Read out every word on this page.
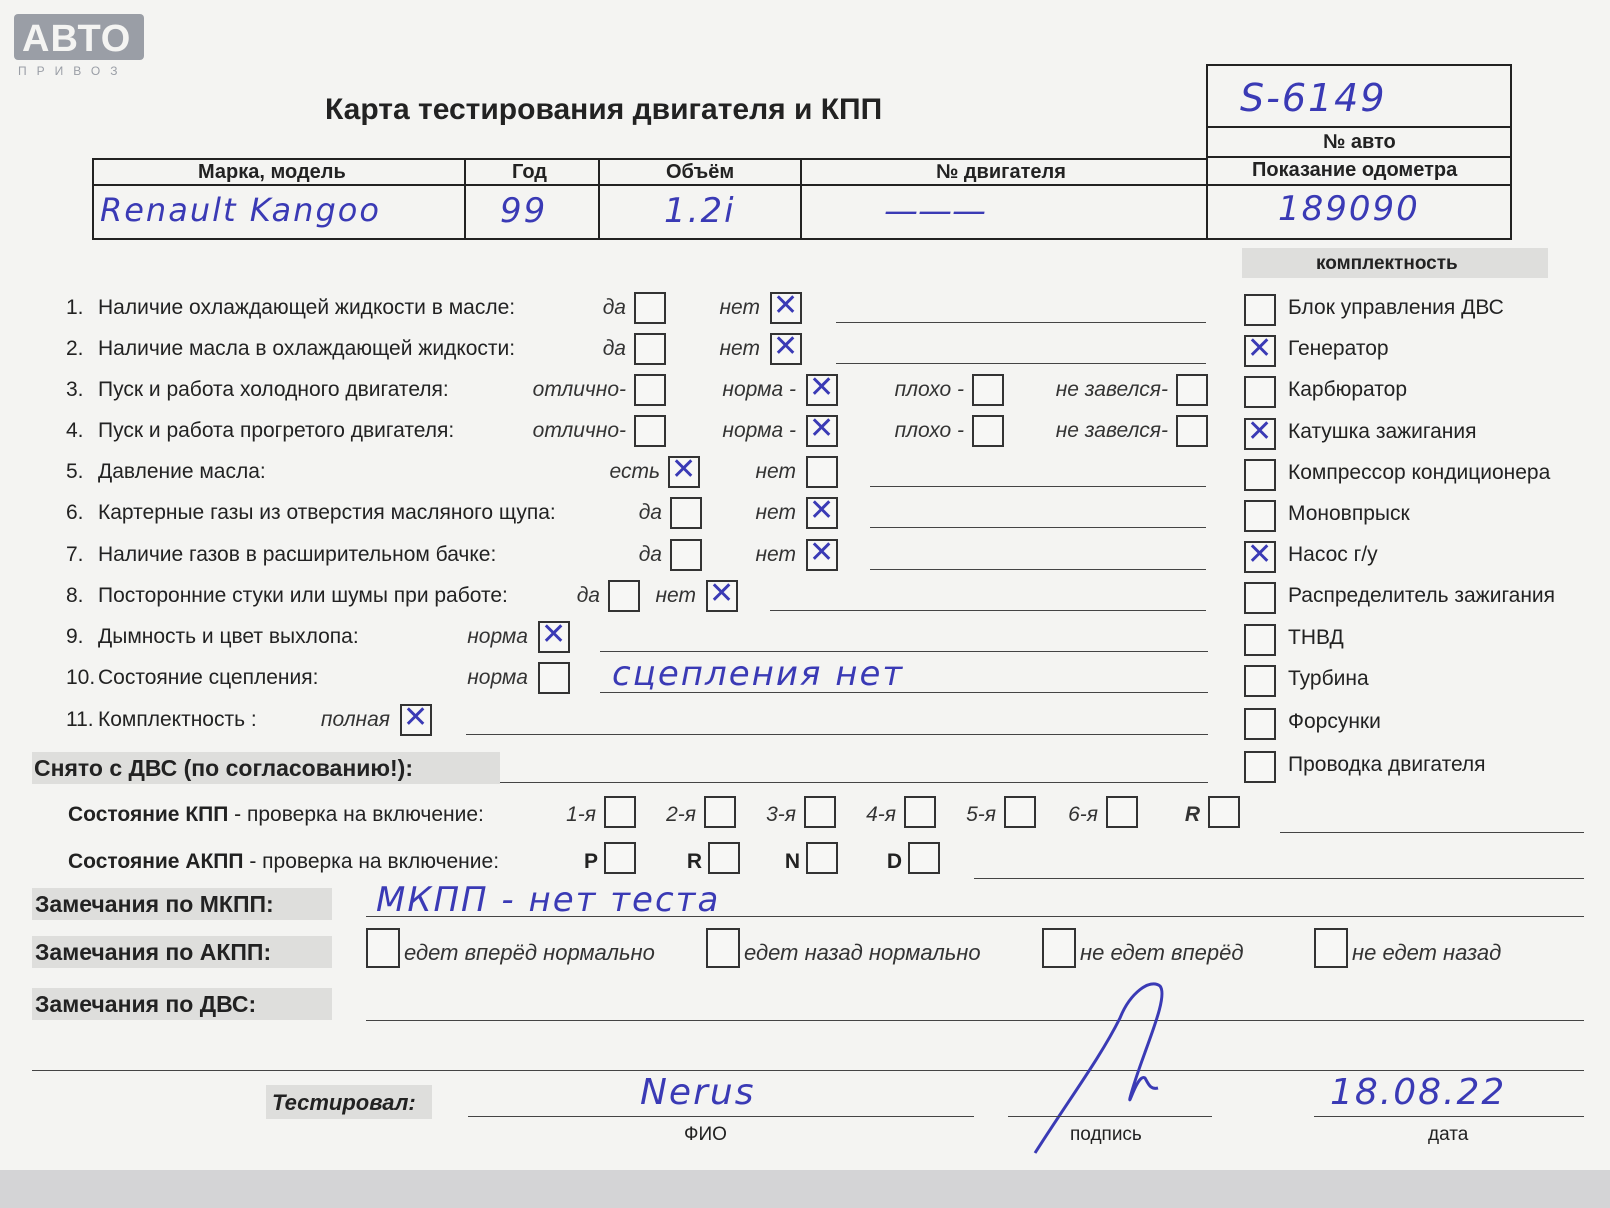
АВТО
ПРИВОЗ
Карта тестирования двигателя и КПП	S-6149
№ авто
Марка, модель	Год	Объём	№ двигателя	Показание одометра
Renault Kangoo	99	1.2i	———	189090
комплектность
Блок управления ДВС
✕ Генератор
Карбюратор
✕ Катушка зажигания
Компрессор кондиционера
Моновпрыск
✕ Насос г/у
Распределитель зажигания
ТНВД
Турбина
Форсунки
Проводка двигателя
1. Наличие охлаждающей жидкости в масле:	да	нет ✕
2. Наличие масла в охлаждающей жидкости:	да	нет ✕
3. Пуск и работа холодного двигателя:	отлично-	норма - ✕	плохо -	не завелся-
4. Пуск и работа прогретого двигателя:	отлично-	норма - ✕	плохо -	не завелся-
5. Давление масла:	есть ✕	нет
6. Картерные газы из отверстия масляного щупа:	да	нет ✕
7. Наличие газов в расширительном бачке:	да	нет ✕
8. Посторонние стуки или шумы при работе:	да	нет ✕
9. Дымность и цвет выхлопа:	норма ✕
10. Состояние сцепления:	норма сцепления нет
11. Комплектность :	полная ✕
Снято с ДВС (по согласованию!):
Состояние КПП - проверка на включение:	1-я	2-я	3-я	4-я	5-я	6-я	R
Состояние АКПП - проверка на включение:	P	R	N	D
Замечания по МКПП:	МКПП - нет теста
Замечания по АКПП:	едет вперёд нормально	едет назад нормально	не едет вперёд	не едет назад
Замечания по ДВС:
Тестировал:	Nerus
ФИО	подпись
18.08.22
дата
